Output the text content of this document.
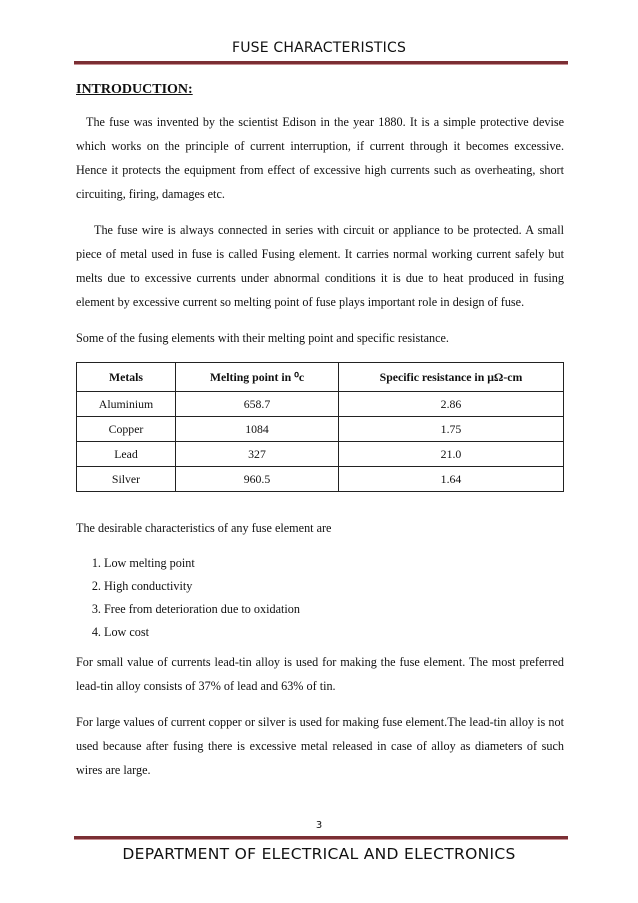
FUSE CHARACTERISTICS
INTRODUCTION:

The fuse was invented by the scientist Edison in the year 1880. It is a simple protective devise which works on the principle of current interruption, if current through it becomes excessive. Hence it protects the equipment from effect of excessive high currents such as overheating, short circuiting, firing, damages etc.

The fuse wire is always connected in series with circuit or appliance to be protected. A small piece of metal used in fuse is called Fusing element. It carries normal working current safely but melts due to excessive currents under abnormal conditions it is due to heat produced in fusing element by excessive current so melting point of fuse plays important role in design of fuse.

Some of the fusing elements with their melting point and specific resistance.

Metals	Melting point in ⁰c	Specific resistance in μΩ-cm
Aluminium	658.7	2.86
Copper	1084	1.75
Lead	327	21.0
Silver	960.5	1.64

The desirable characteristics of any fuse element are

1. Low melting point
2. High conductivity
3. Free from deterioration due to oxidation
4. Low cost

For small value of currents lead-tin alloy is used for making the fuse element. The most preferred lead-tin alloy consists of 37% of lead and 63% of tin.

For large values of current copper or silver is used for making fuse element.The lead-tin alloy is not used because after fusing there is excessive metal released in case of alloy as diameters of such wires are large.

3
DEPARTMENT OF ELECTRICAL AND ELECTRONICS
